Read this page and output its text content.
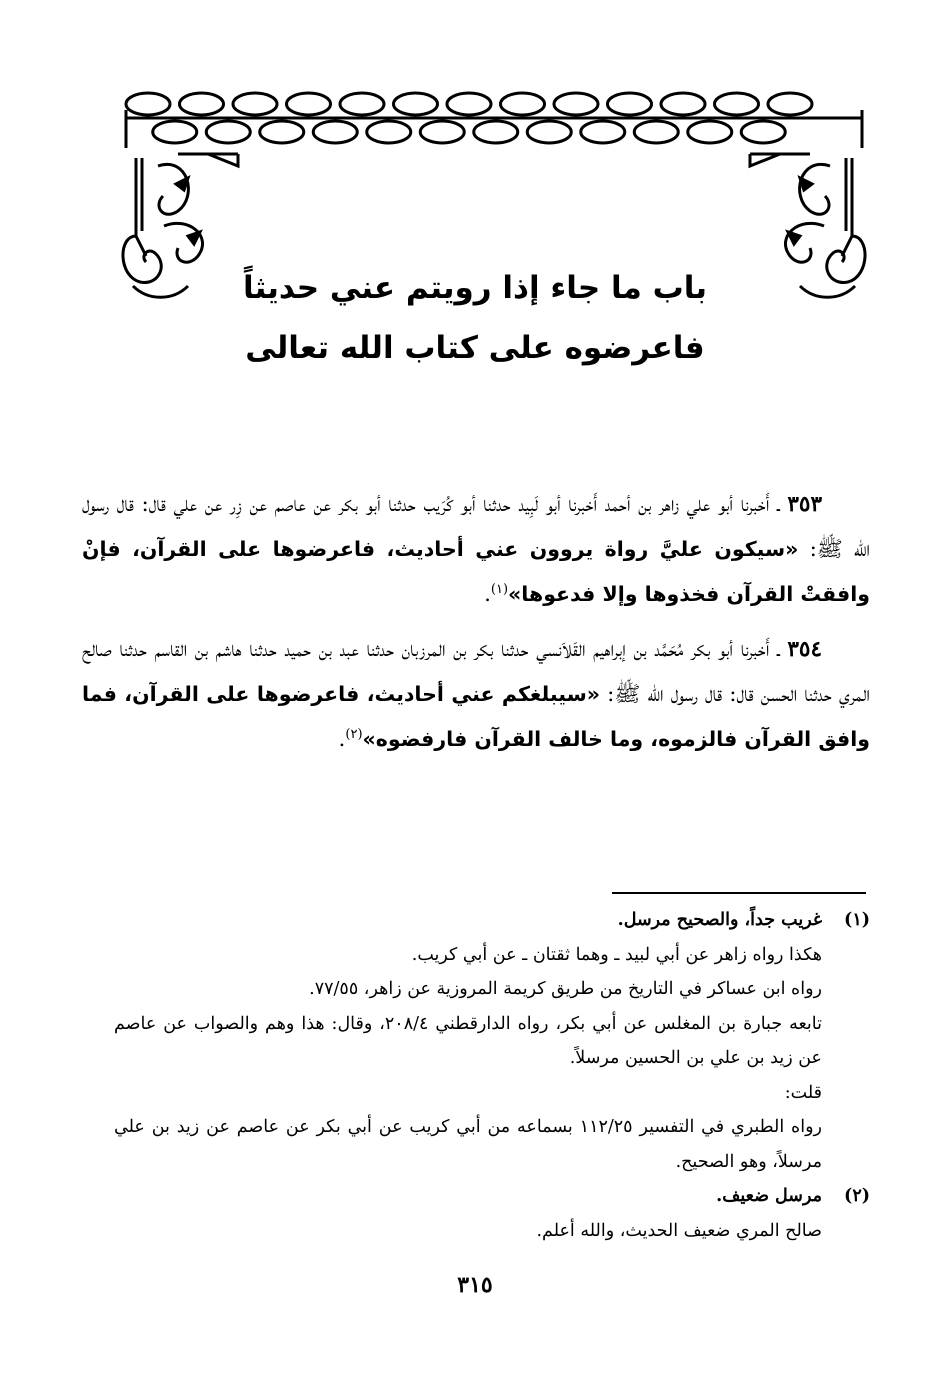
باب ما جاء إذا رويتم عني حديثاً
فاعرضوه على كتاب الله تعالى

٣٥٣ ـ أَخبرنا أبو علي زاهر بن أحمد أَخبرنا أبو لَبِيد حدثنا أبو كُرَيب حدثنا أبو بكر عن عاصم عن زِر عن علي قال: قال رسول اللّه ﷺ: «سيكون عليَّ رواة يروون عني أحاديث، فاعرضوها على القرآن، فإنْ وافقتْ القرآن فخذوها وإلا فدعوها»$^{(١)}$.

٣٥٤ ـ أَخبرنا أبو بكر مُحَمَّد بن إبراهيم القَلاَنسي حدثنا بكر بن المرزبان حدثنا عبد بن حميد حدثنا هاشم بن القاسم حدثنا صالح المري حدثنا الحسن قال: قال رسول الله ﷺ: «سيبلغكم عني أحاديث، فاعرضوها على القرآن، فما وافق القرآن فالزموه، وما خالف القرآن فارفضوه»$^{(٢)}$.

(١)
غريب جداً، والصحيح مرسل.
هكذا رواه زاهر عن أبي لبيد ـ وهما ثقتان ـ عن أبي كريب.
رواه ابن عساكر في التاريخ من طريق كريمة المروزية عن زاهر، ٧٧/٥٥.
تابعه جبارة بن المغلس عن أبي بكر، رواه الدارقطني ٢٠٨/٤، وقال: هذا وهم والصواب عن عاصم عن زيد بن علي بن الحسين مرسلاً.
قلت:
رواه الطبري في التفسير ١١٢/٢٥ بسماعه من أبي كريب عن أبي بكر عن عاصم عن زيد بن علي مرسلاً، وهو الصحيح.
(٢)
مرسل ضعيف.
صالح المري ضعيف الحديث، والله أعلم.
٣١٥
